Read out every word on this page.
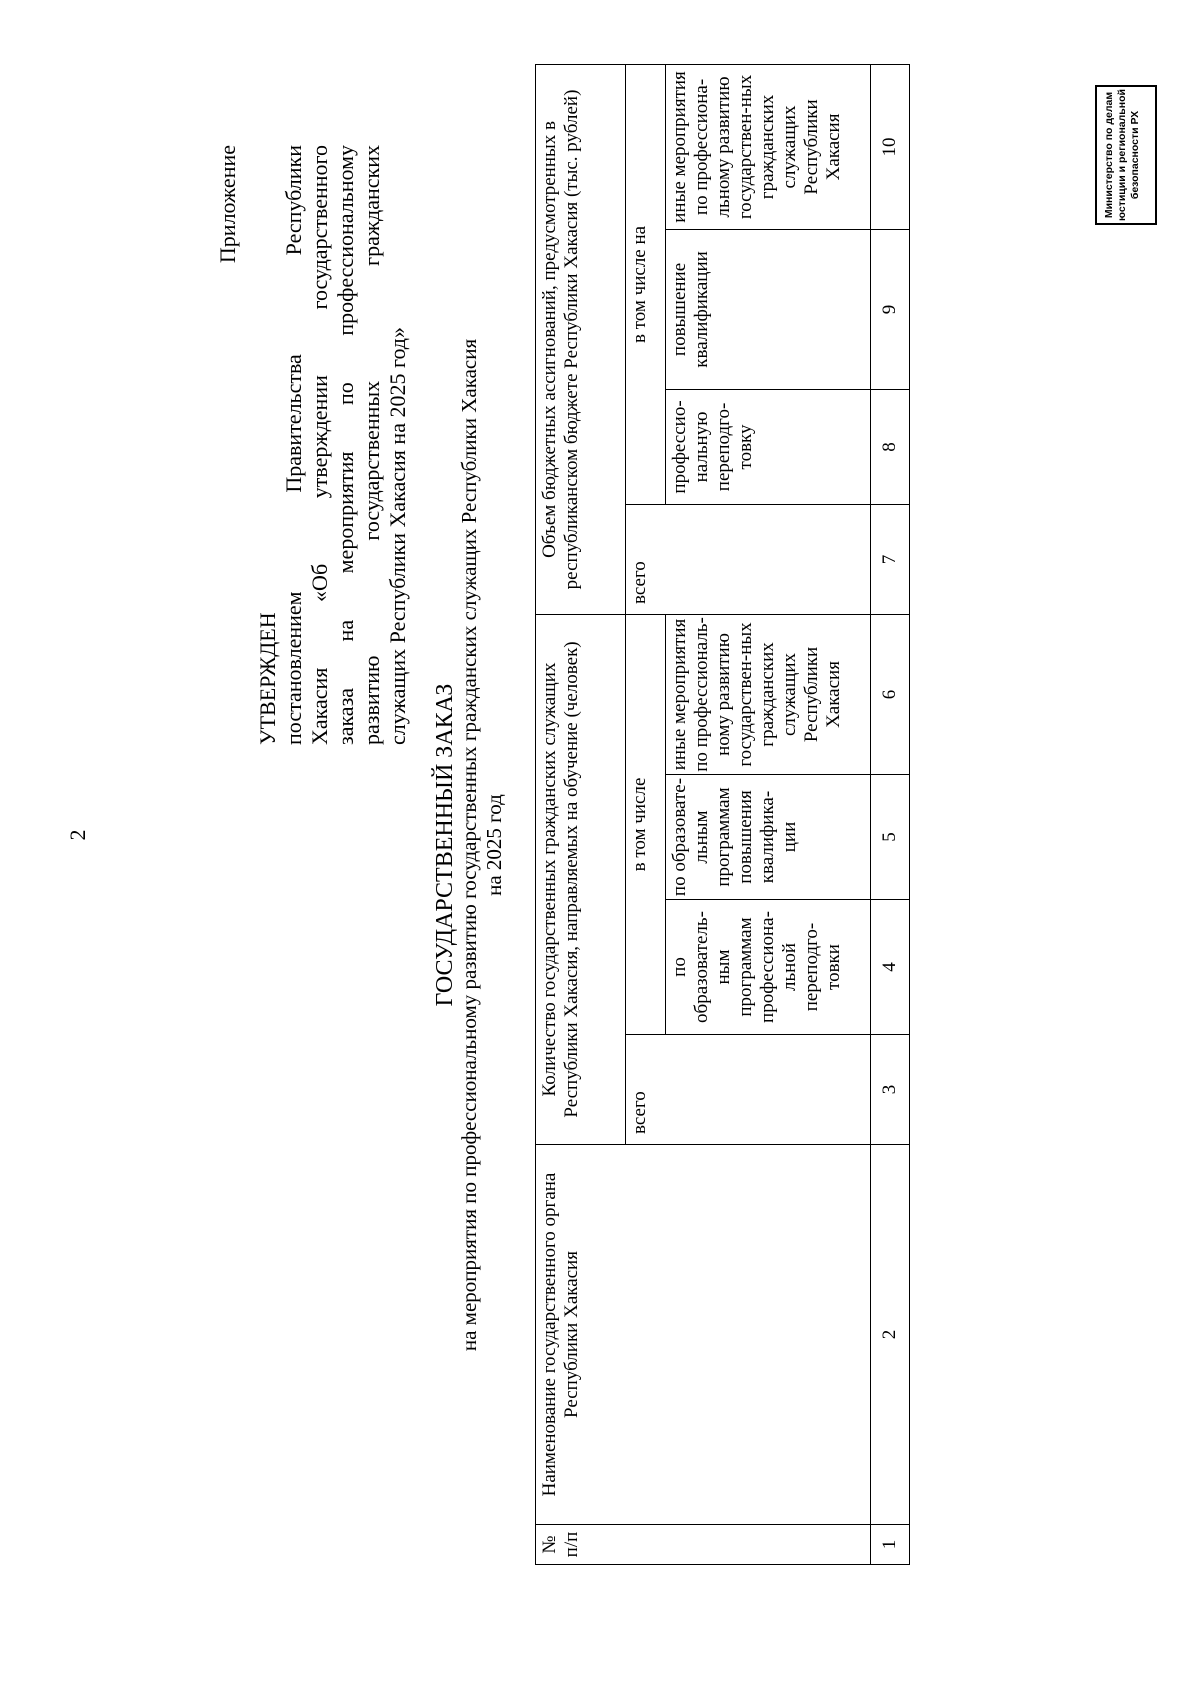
2
Приложение
УТВЕРЖДЕН постановлением Правительства Республики Хакасия «Об утверждении государственного заказа на мероприятия по профессиональному развитию государственных гражданских служащих Республики Хакасия на 2025 год»
ГОСУДАРСТВЕННЫЙ ЗАКАЗ на мероприятия по профессиональному развитию государственных гражданских служащих Республики Хакасия на 2025 год
№ п/п	Наименование государственного органа Республики Хакасия	Количество государственных гражданских служащих Республики Хакасия, направляемых на обучение (человек)				Объем бюджетных ассигнований, предусмотренных в республиканском бюджете Республики Хакасия (тыс. рублей)			
		всего	в том числе			всего	в том числе на		
			по образователь-ным программам профессиона-льной переподго-товки	по образовате-льным программам повышения квалифика-ции	иные мероприятия по профессиональ-ному развитию государствен-ных гражданских служащих Республики Хакасия		профессио-нальную переподго-товку	повышение квалификации	иные мероприятия по профессиона-льному развитию государствен-ных гражданских служащих Республики Хакасия
1	2	3	4	5	6	7	8	9	10	Министерство по делам юстиции и региональной безопасности РХ
